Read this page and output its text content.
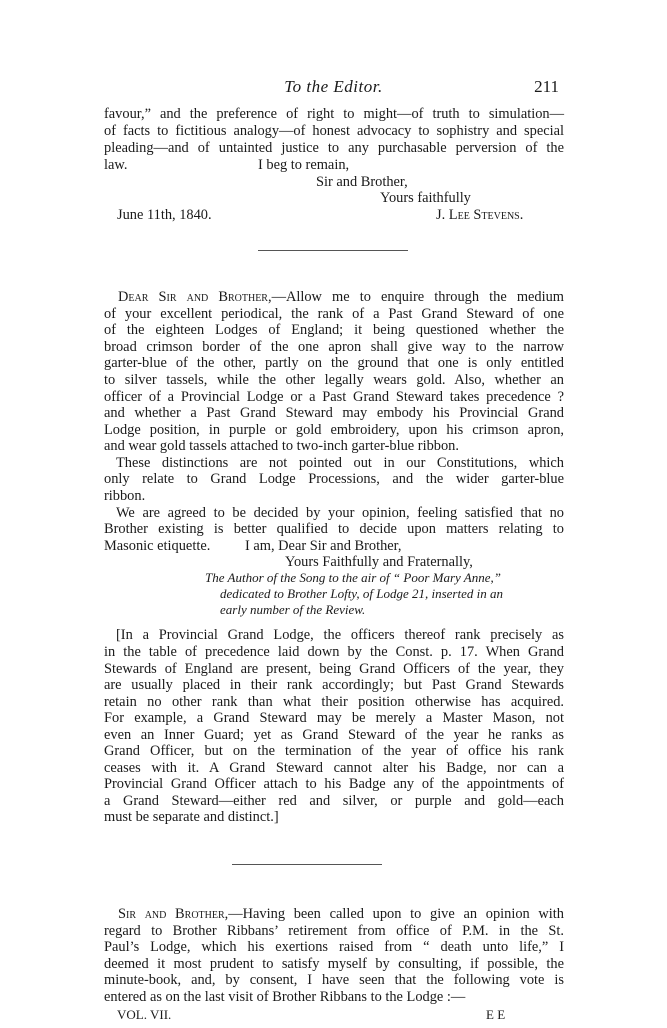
To the Editor.	211
favour,” and the preference of right to might—of truth to simulation—
of facts to fictitious analogy—of honest advocacy to sophistry and special
pleading—and of untainted justice to any purchasable perversion of the
law.	I beg to remain,
Sir and Brother,
Yours faithfully
June 11th, 1840.	J. Lee Stevens.
Dear Sir and Brother,—Allow me to enquire through the medium
of your excellent periodical, the rank of a Past Grand Steward of one
of the eighteen Lodges of England; it being questioned whether the
broad crimson border of the one apron shall give way to the narrow
garter-blue of the other, partly on the ground that one is only entitled
to silver tassels, while the other legally wears gold. Also, whether an
officer of a Provincial Lodge or a Past Grand Steward takes precedence ?
and whether a Past Grand Steward may embody his Provincial Grand
Lodge position, in purple or gold embroidery, upon his crimson apron,
and wear gold tassels attached to two-inch garter-blue ribbon.
These distinctions are not pointed out in our Constitutions, which
only relate to Grand Lodge Processions, and the wider garter-blue
ribbon.
We are agreed to be decided by your opinion, feeling satisfied that no
Brother existing is better qualified to decide upon matters relating to
Masonic etiquette. I am, Dear Sir and Brother,
Yours Faithfully and Fraternally,
The Author of the Song to the air of “ Poor Mary Anne,”
dedicated to Brother Lofty, of Lodge 21, inserted in an
early number of the Review.
[In a Provincial Grand Lodge, the officers thereof rank precisely as
in the table of precedence laid down by the Const. p. 17. When Grand
Stewards of England are present, being Grand Officers of the year, they
are usually placed in their rank accordingly; but Past Grand Stewards
retain no other rank than what their position otherwise has acquired.
For example, a Grand Steward may be merely a Master Mason, not
even an Inner Guard; yet as Grand Steward of the year he ranks as
Grand Officer, but on the termination of the year of office his rank
ceases with it. A Grand Steward cannot alter his Badge, nor can a
Provincial Grand Officer attach to his Badge any of the appointments of
a Grand Steward—either red and silver, or purple and gold—each
must be separate and distinct.]
Sir and Brother,—Having been called upon to give an opinion with
regard to Brother Ribbans’ retirement from office of P.M. in the St.
Paul’s Lodge, which his exertions raised from “ death unto life,” I
deemed it most prudent to satisfy myself by consulting, if possible, the
minute-book, and, by consent, I have seen that the following vote is
entered as on the last visit of Brother Ribbans to the Lodge :—
VOL. VII.	E E
